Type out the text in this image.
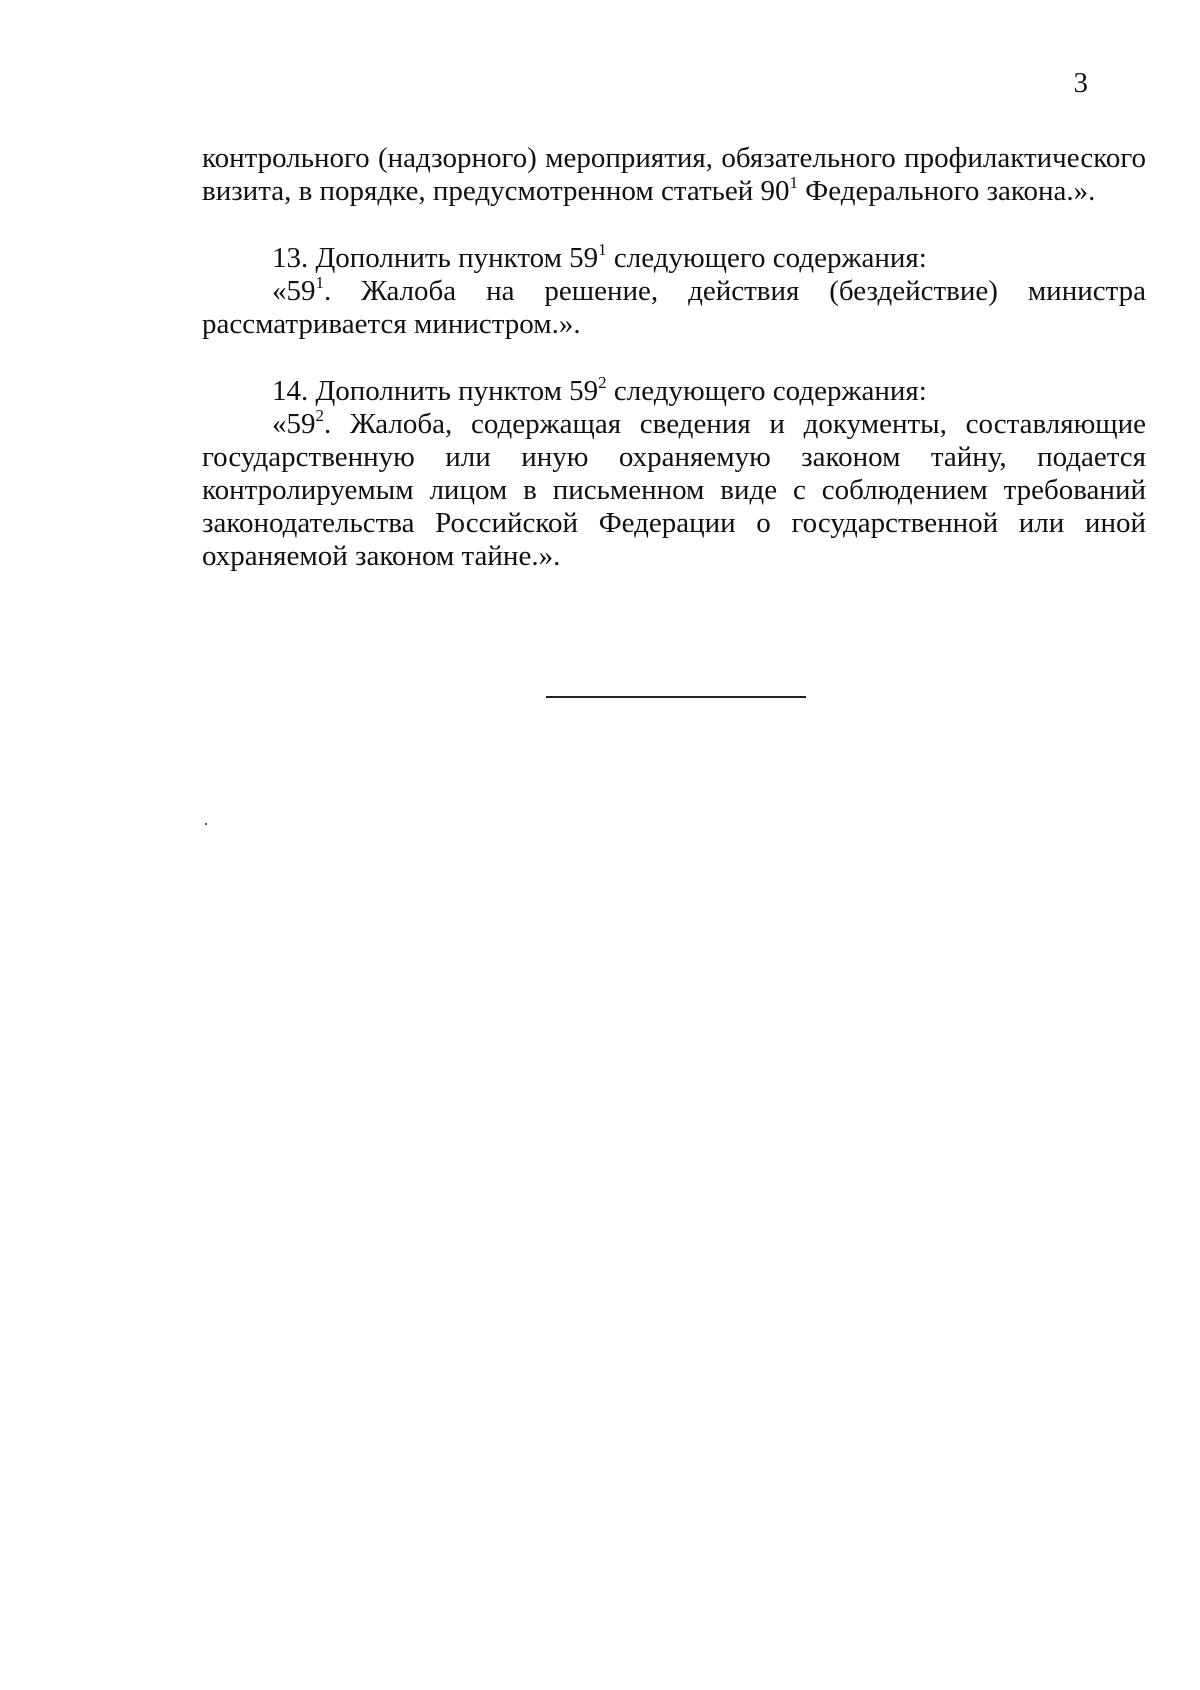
3

контрольного (надзорного) мероприятия, обязательного профилактического визита, в порядке, предусмотренном статьей $90^1$ Федерального закона.».

13. Дополнить пунктом $59^1$ следующего содержания:

«$59^1$. Жалоба на решение, действия (бездействие) министра рассматривается министром.».

14. Дополнить пунктом $59^2$ следующего содержания:

«$59^2$. Жалоба, содержащая сведения и документы, составляющие государственную или иную охраняемую законом тайну, подается контролируемым лицом в письменном виде с соблюдением требований законодательства Российской Федерации о государственной или иной охраняемой законом тайне.».
